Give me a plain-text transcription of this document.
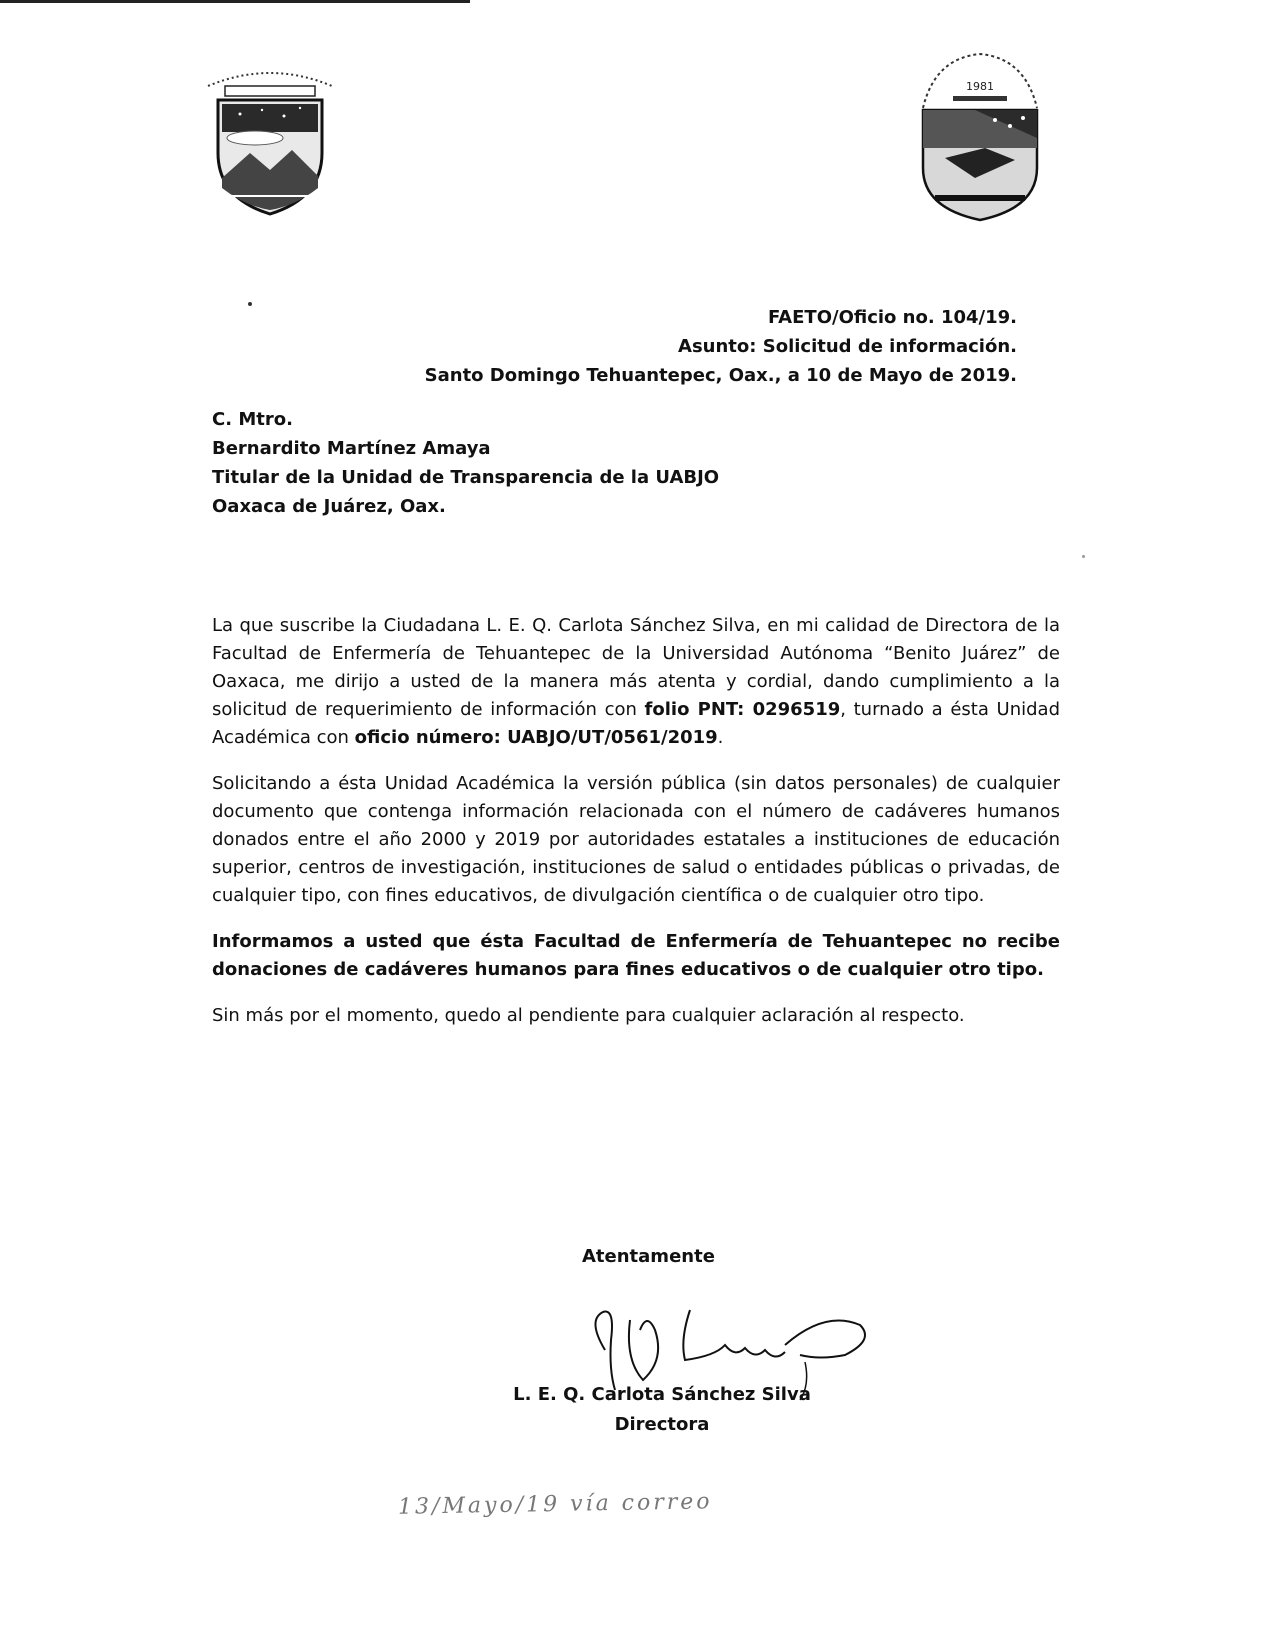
1981
FAETO/Oficio no. 104/19.
Asunto: Solicitud de información.
Santo Domingo Tehuantepec, Oax., a 10 de Mayo de 2019.
C. Mtro.
Bernardito Martínez Amaya
Titular de la Unidad de Transparencia de la UABJO
Oaxaca de Juárez, Oax.

La que suscribe la Ciudadana L. E. Q. Carlota Sánchez Silva, en mi calidad de Directora de la Facultad de Enfermería de Tehuantepec de la Universidad Autónoma “Benito Juárez” de Oaxaca, me dirijo a usted de la manera más atenta y cordial, dando cumplimiento a la solicitud de requerimiento de información con folio PNT: 0296519, turnado a ésta Unidad Académica con oficio número: UABJO/UT/0561/2019.

Solicitando a ésta Unidad Académica la versión pública (sin datos personales) de cualquier documento que contenga información relacionada con el número de cadáveres humanos donados entre el año 2000 y 2019 por autoridades estatales a instituciones de educación superior, centros de investigación, instituciones de salud o entidades públicas o privadas, de cualquier tipo, con fines educativos, de divulgación científica o de cualquier otro tipo.

Informamos a usted que ésta Facultad de Enfermería de Tehuantepec no recibe donaciones de cadáveres humanos para fines educativos o de cualquier otro tipo.

Sin más por el momento, quedo al pendiente para cualquier aclaración al respecto.

Atentamente
L. E. Q. Carlota Sánchez Silva
Directora
13/Mayo/19 vía correo
